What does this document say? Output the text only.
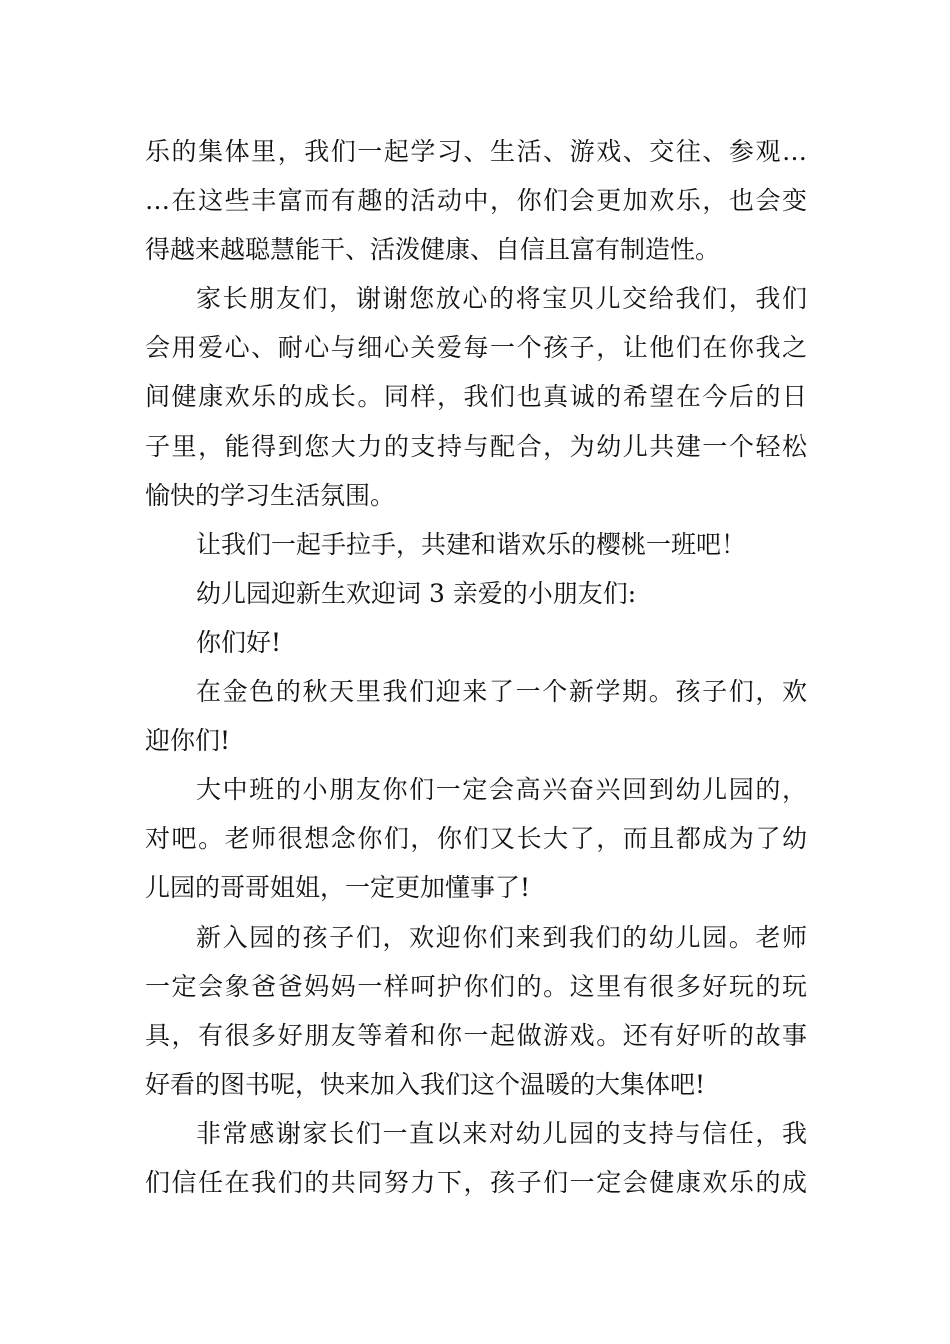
乐的集体里，我们一起学习、生活、游戏、交往、参观…
…在这些丰富而有趣的活动中，你们会更加欢乐，也会变
得越来越聪慧能干、活泼健康、自信且富有制造性。
家长朋友们，谢谢您放心的将宝贝儿交给我们，我们
会用爱心、耐心与细心关爱每一个孩子，让他们在你我之
间健康欢乐的成长。同样，我们也真诚的希望在今后的日
子里，能得到您大力的支持与配合，为幼儿共建一个轻松
愉快的学习生活氛围。
让我们一起手拉手，共建和谐欢乐的樱桃一班吧！
幼儿园迎新生欢迎词 3 亲爱的小朋友们:
你们好!
在金色的秋天里我们迎来了一个新学期。孩子们，欢
迎你们!
大中班的小朋友你们一定会高兴奋兴回到幼儿园的，
对吧。老师很想念你们，你们又长大了，而且都成为了幼
儿园的哥哥姐姐，一定更加懂事了!
新入园的孩子们，欢迎你们来到我们的幼儿园。老师
一定会象爸爸妈妈一样呵护你们的。这里有很多好玩的玩
具，有很多好朋友等着和你一起做游戏。还有好听的故事
好看的图书呢，快来加入我们这个温暖的大集体吧!
非常感谢家长们一直以来对幼儿园的支持与信任，我
们信任在我们的共同努力下，孩子们一定会健康欢乐的成
